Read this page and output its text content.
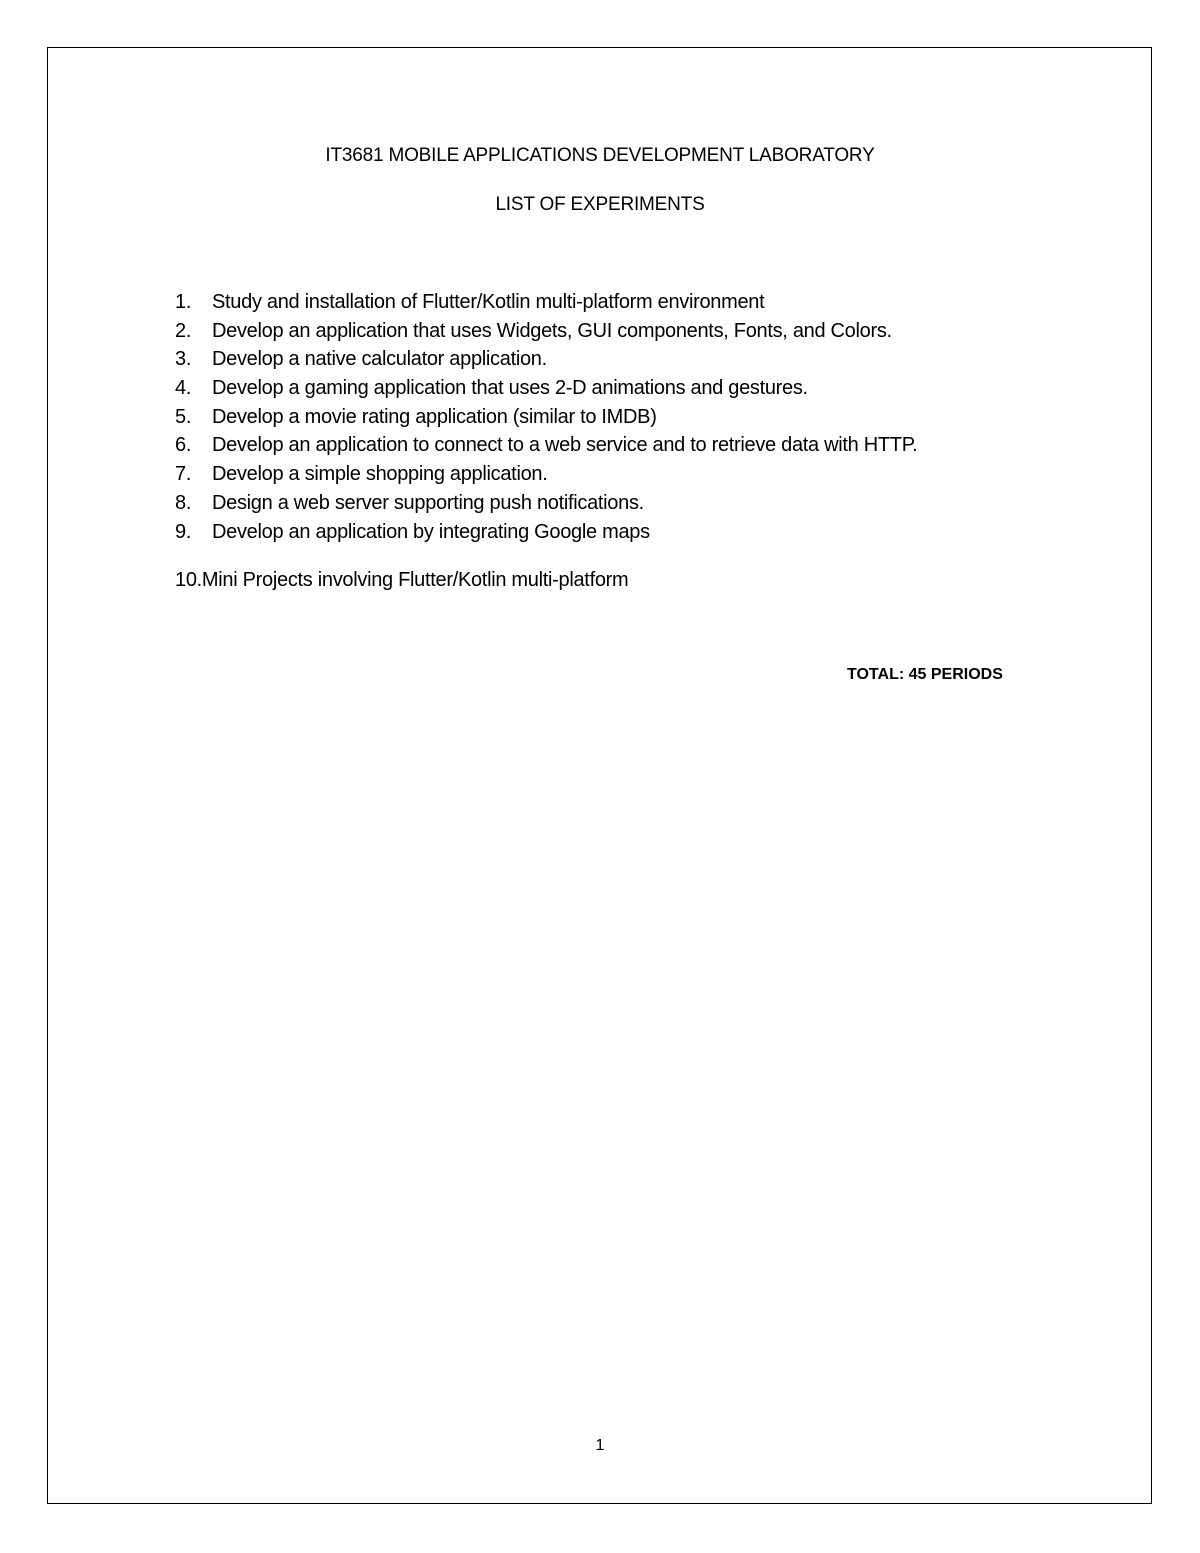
IT3681 MOBILE APPLICATIONS DEVELOPMENT LABORATORY
LIST OF EXPERIMENTS
1.	Study and installation of Flutter/Kotlin multi-platform environment
2.	Develop an application that uses Widgets, GUI components, Fonts, and Colors.
3.	Develop a native calculator application.
4.	Develop a gaming application that uses 2-D animations and gestures.
5.	Develop a movie rating application (similar to IMDB)
6.	Develop an application to connect to a web service and to retrieve data with HTTP.
7.	Develop a simple shopping application.
8.	Design a web server supporting push notifications.
9.	Develop an application by integrating Google maps
10.Mini Projects involving Flutter/Kotlin multi-platform
TOTAL: 45 PERIODS
1
